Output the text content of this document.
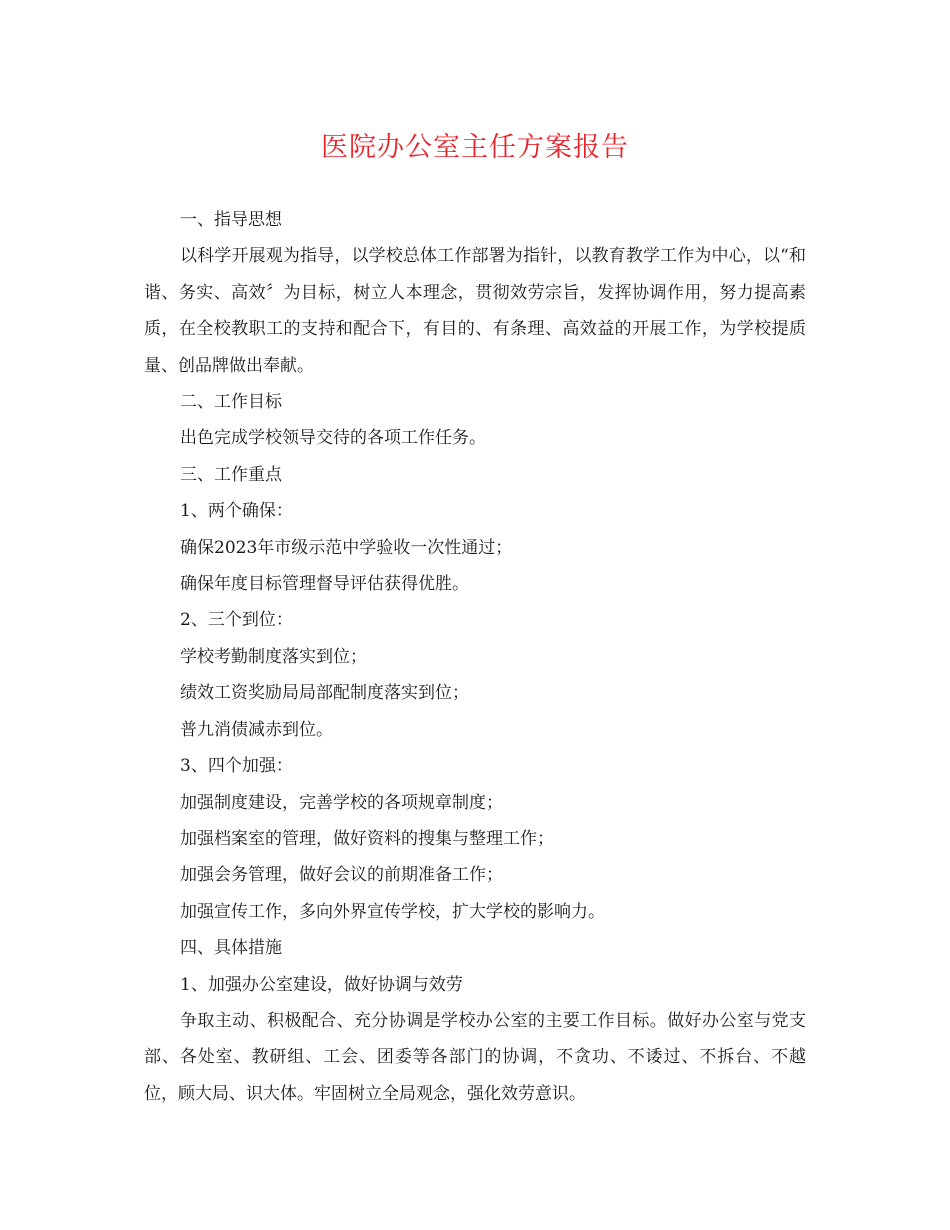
医院办公室主任方案报告

一、指导思想

以科学开展观为指导，以学校总体工作部署为指针，以教育教学工作为中心，以“和谐、务实、高效〞为目标，树立人本理念，贯彻效劳宗旨，发挥协调作用，努力提高素质，在全校教职工的支持和配合下，有目的、有条理、高效益的开展工作，为学校提质量、创品牌做出奉献。

二、工作目标

出色完成学校领导交待的各项工作任务。

三、工作重点

1、两个确保：

确保2023年市级示范中学验收一次性通过；

确保年度目标管理督导评估获得优胜。

2、三个到位：

学校考勤制度落实到位；

绩效工资奖励局局部配制度落实到位；

普九消债减赤到位。

3、四个加强：

加强制度建设，完善学校的各项规章制度；

加强档案室的管理，做好资料的搜集与整理工作；

加强会务管理，做好会议的前期准备工作；

加强宣传工作，多向外界宣传学校，扩大学校的影响力。

四、具体措施

1、加强办公室建设，做好协调与效劳

争取主动、积极配合、充分协调是学校办公室的主要工作目标。做好办公室与党支部、各处室、教研组、工会、团委等各部门的协调，不贪功、不诿过、不拆台、不越位，顾大局、识大体。牢固树立全局观念，强化效劳意识。
